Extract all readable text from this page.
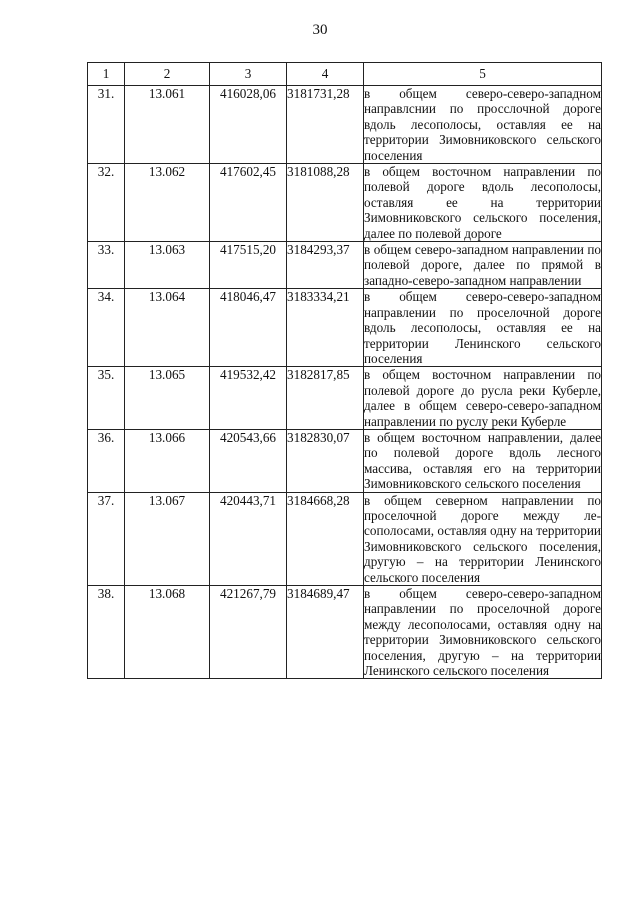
30
1	2	3	4	5
31.	13.061	416028,06	3181731,28	в общем северо-северо-западном направлснии по просслочной дороге вдоль лесополосы, оставляя ее на территории Зимовниковского сельского поселения
32.	13.062	417602,45	3181088,28	в общем восточном направлении по полевой дороге вдоль лесополосы, оставляя ее на территории Зимовниковского сельского поселения, далее по полевой дороге
33.	13.063	417515,20	3184293,37	в общем северо-западном направлении по полевой дороге, далее по прямой в западно-северо-западном направлении
34.	13.064	418046,47	3183334,21	в общем северо-северо-западном направлении по проселочной дороге вдоль лесополосы, оставляя ее на территории Ленинского сельского поселения
35.	13.065	419532,42	3182817,85	в общем восточном направлении по полевой дороге до русла реки Куберле, далее в общем северо-северо-западном направлении по руслу реки Куберле
36.	13.066	420543,66	3182830,07	в общем восточном направлении, далее по полевой дороге вдоль лесного массива, оставляя его на территории Зимовниковского сельского поселения
37.	13.067	420443,71	3184668,28	в общем северном направлении по проселочной дороге между лесополосами, оставляя одну на территории Зимовниковского сельского поселения, другую – на территории Ленинского сельского поселения
38.	13.068	421267,79	3184689,47	в общем северо-северо-западном направлении по проселочной дороге между лесополосами, оставляя одну на территории Зимовниковского сельского поселения, другую – на территории Ленинского сельского поселения
